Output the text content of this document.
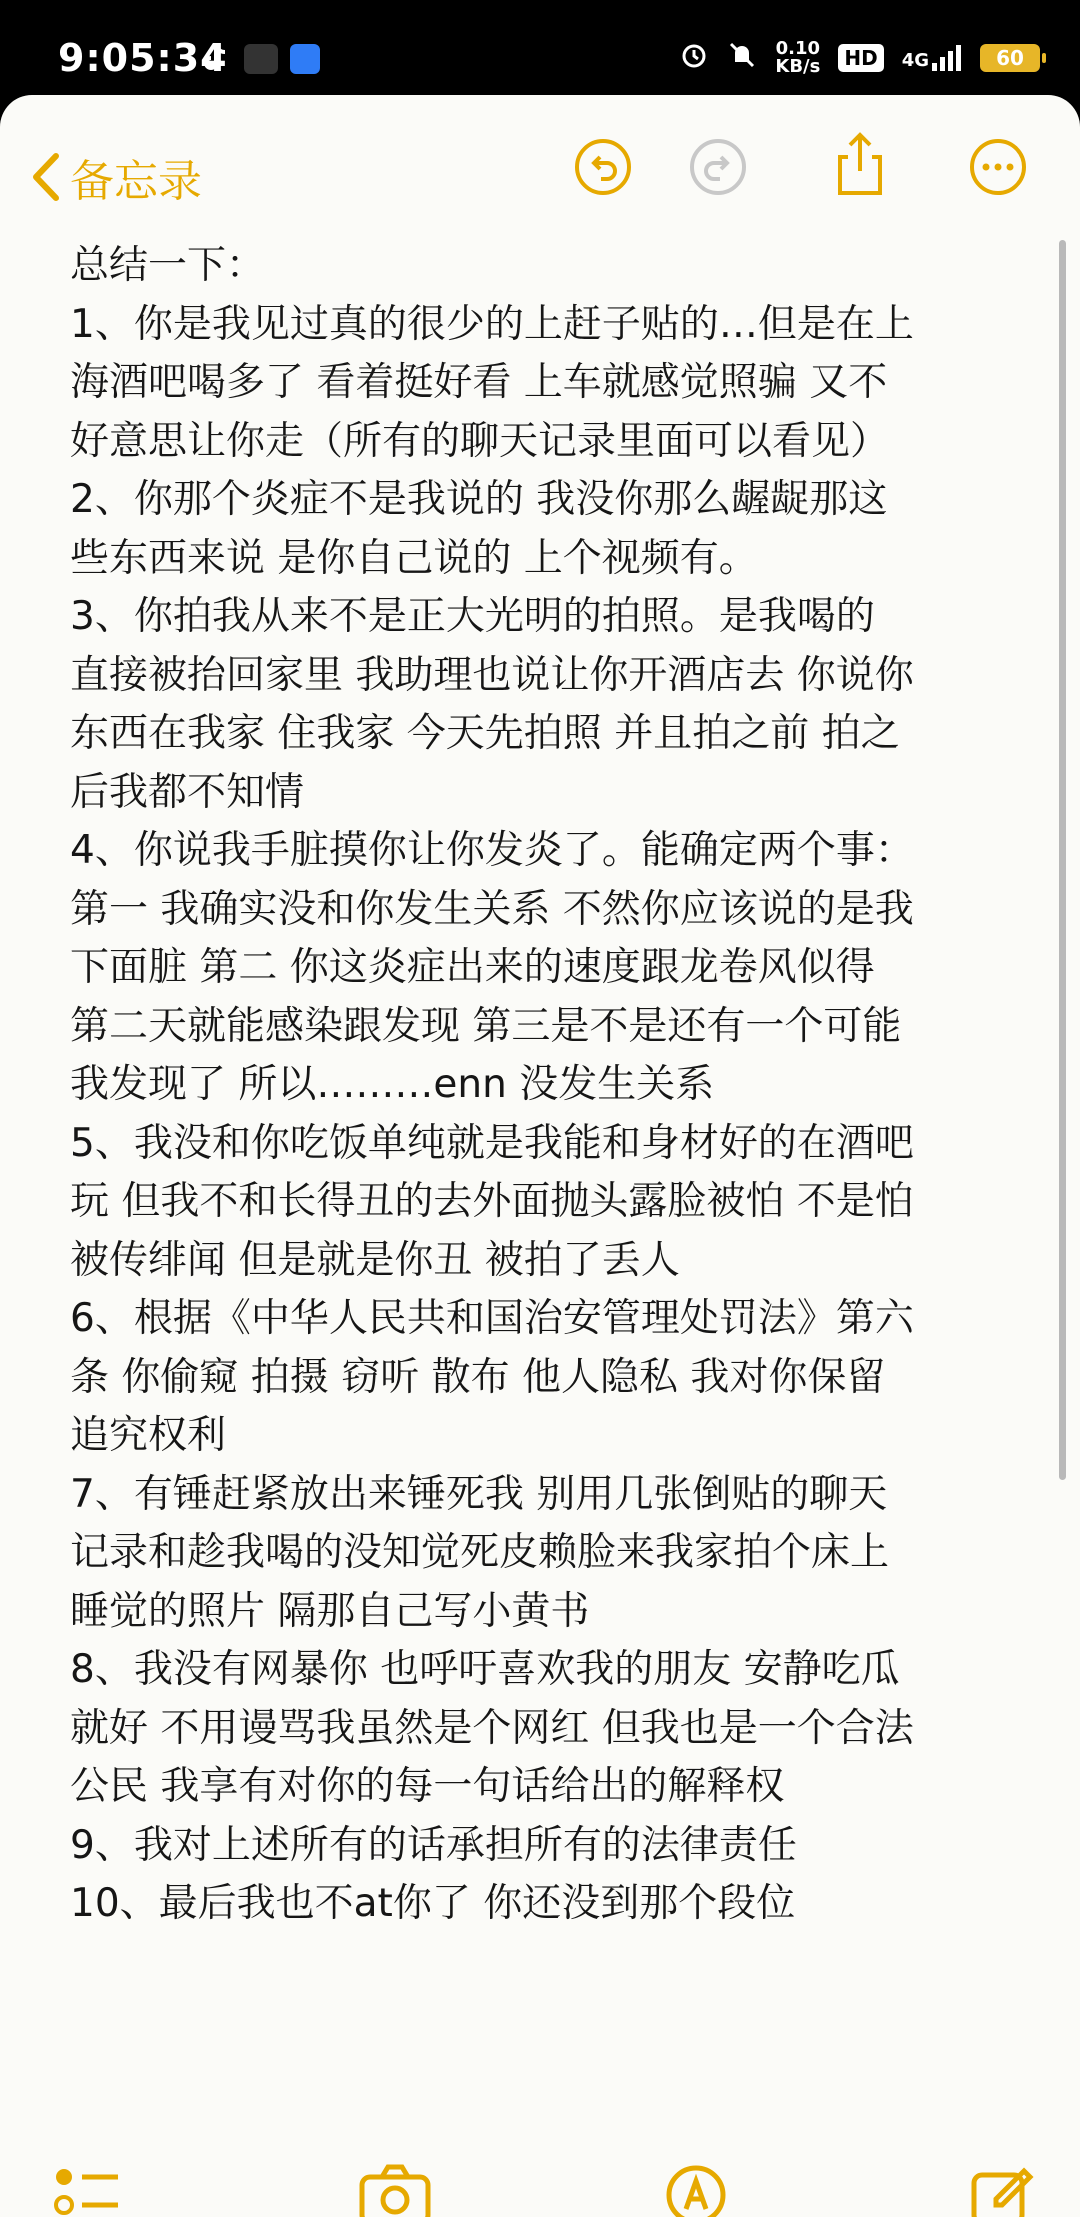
9:05:34	0.10
KB/s	HD	4G	60
备忘录

总结一下：

1、你是我见过真的很少的上赶子贴的…但是在上

海酒吧喝多了 看着挺好看 上车就感觉照骗 又不

好意思让你走（所有的聊天记录里面可以看见）

2、你那个炎症不是我说的 我没你那么龌龊那这

些东西来说 是你自己说的 上个视频有。

3、你拍我从来不是正大光明的拍照。是我喝的

直接被抬回家里 我助理也说让你开酒店去 你说你

东西在我家 住我家 今天先拍照 并且拍之前 拍之

后我都不知情

4、你说我手脏摸你让你发炎了。能确定两个事：

第一 我确实没和你发生关系 不然你应该说的是我

下面脏 第二 你这炎症出来的速度跟龙卷风似得

第二天就能感染跟发现 第三是不是还有一个可能

我发现了 所以………enn 没发生关系

5、我没和你吃饭单纯就是我能和身材好的在酒吧

玩 但我不和长得丑的去外面抛头露脸被怕 不是怕

被传绯闻 但是就是你丑 被拍了丢人

6、根据《中华人民共和国治安管理处罚法》第六

条 你偷窥 拍摄 窃听 散布 他人隐私 我对你保留

追究权利

7、有锤赶紧放出来锤死我 别用几张倒贴的聊天

记录和趁我喝的没知觉死皮赖脸来我家拍个床上

睡觉的照片 隔那自己写小黄书

8、我没有网暴你 也呼吁喜欢我的朋友 安静吃瓜

就好 不用谩骂我虽然是个网红 但我也是一个合法

公民 我享有对你的每一句话给出的解释权

9、我对上述所有的话承担所有的法律责任

10、最后我也不at你了 你还没到那个段位
